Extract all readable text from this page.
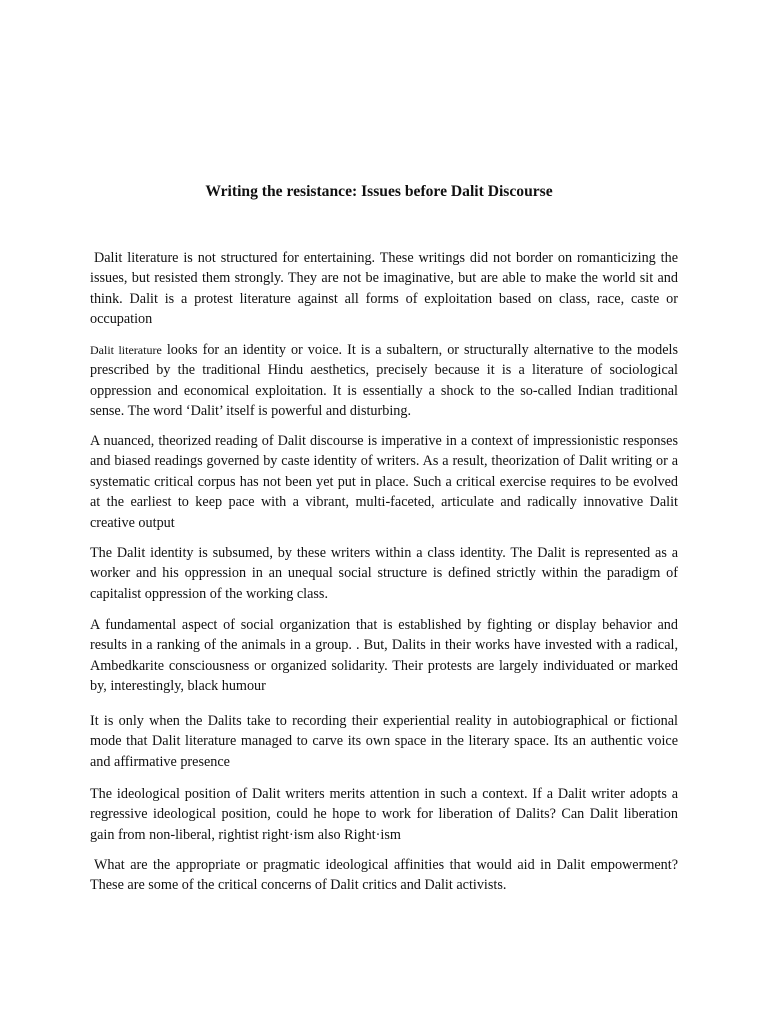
Writing the resistance: Issues before Dalit Discourse

Dalit literature is not structured for entertaining. These writings did not border on romanticizing the issues, but resisted them strongly. They are not be imaginative, but are able to make the world sit and think. Dalit is a protest literature against all forms of exploitation based on class, race, caste or occupation

Dalit literature looks for an identity or voice. It is a subaltern, or structurally alternative to the models prescribed by the traditional Hindu aesthetics, precisely because it is a literature of sociological oppression and economical exploitation. It is essentially a shock to the so-called Indian traditional sense. The word ‘Dalit’ itself is powerful and disturbing.

A nuanced, theorized reading of Dalit discourse is imperative in a context of impressionistic responses and biased readings governed by caste identity of writers. As a result, theorization of Dalit writing or a systematic critical corpus has not been yet put in place. Such a critical exercise requires to be evolved at the earliest to keep pace with a vibrant, multi-faceted, articulate and radically innovative Dalit creative output

The Dalit identity is subsumed, by these writers within a class identity. The Dalit is represented as a worker and his oppression in an unequal social structure is defined strictly within the paradigm of capitalist oppression of the working class.

A fundamental aspect of social organization that is established by fighting or display behavior and results in a ranking of the animals in a group. . But, Dalits in their works have invested with a radical, Ambedkarite consciousness or organized solidarity. Their protests are largely individuated or marked by, interestingly, black humour

It is only when the Dalits take to recording their experiential reality in autobiographical or fictional mode that Dalit literature managed to carve its own space in the literary space. Its an authentic voice and affirmative presence

The ideological position of Dalit writers merits attention in such a context. If a Dalit writer adopts a regressive ideological position, could he hope to work for liberation of Dalits? Can Dalit liberation gain from non-liberal, rightist right·ism also Right·ism

What are the appropriate or pragmatic ideological affinities that would aid in Dalit empowerment? These are some of the critical concerns of Dalit critics and Dalit activists.
